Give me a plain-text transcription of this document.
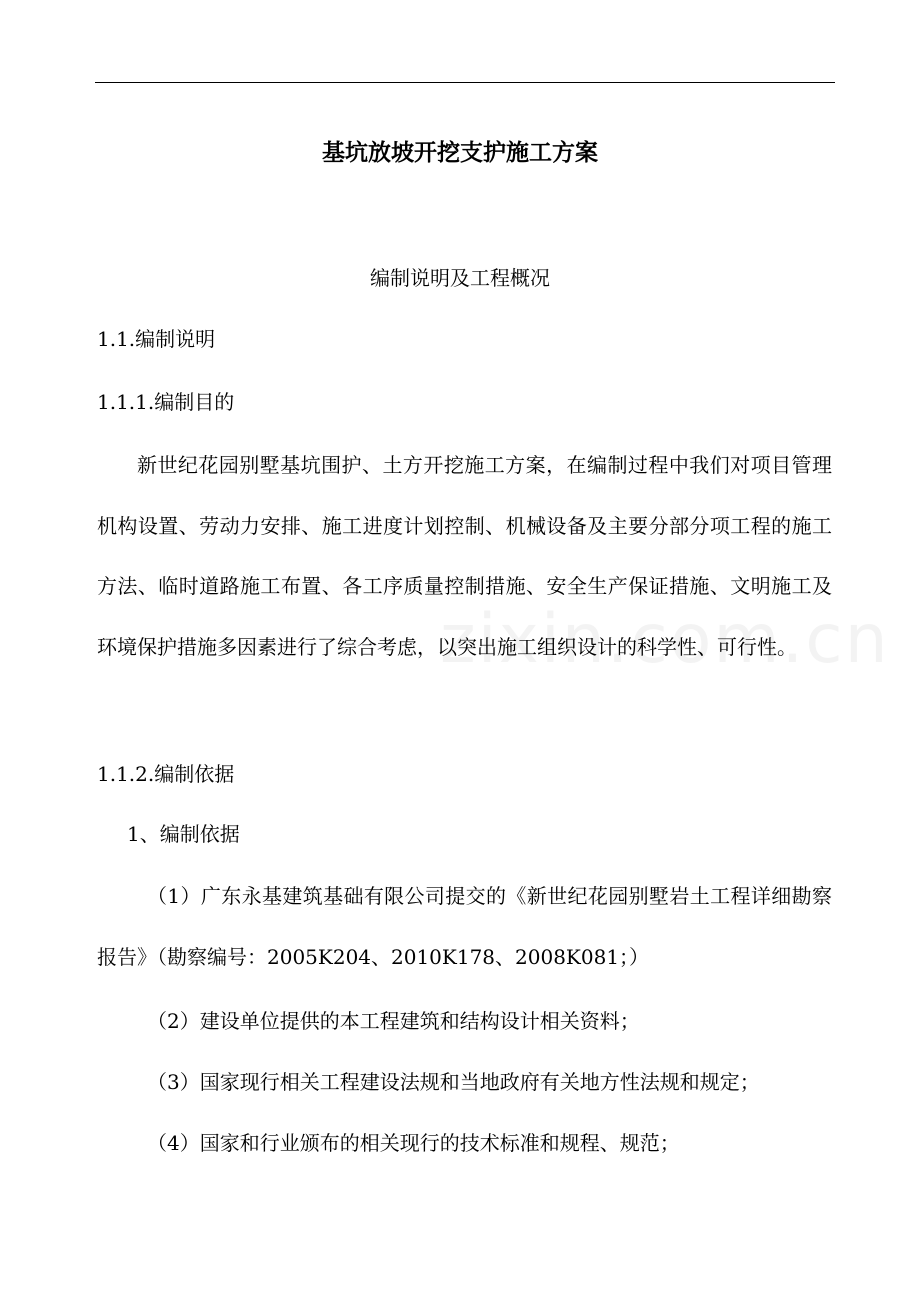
基坑放坡开挖支护施工方案
编制说明及工程概况
1.1.编制说明
1.1.1.编制目的

新世纪花园别墅基坑围护、土方开挖施工方案，在编制过程中我们对项目管理机构设置、劳动力安排、施工进度计划控制、机械设备及主要分部分项工程的施工方法、临时道路施工布置、各工序质量控制措施、安全生产保证措施、文明施工及环境保护措施多因素进行了综合考虑，以突出施工组织设计的科学性、可行性。

1.1.2.编制依据
1、编制依据

（1）广东永基建筑基础有限公司提交的《新世纪花园别墅岩土工程详细勘察报告》（勘察编号：2005K204、2010K178、2008K081；）

（2）建设单位提供的本工程建筑和结构设计相关资料；
（3）国家现行相关工程建设法规和当地政府有关地方性法规和规定；
（4）国家和行业颁布的相关现行的技术标准和规程、规范；
